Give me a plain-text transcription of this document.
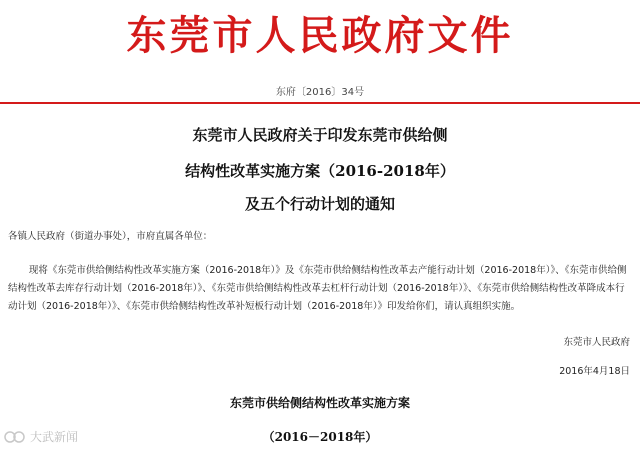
东莞市人民政府文件
东府〔2016〕34号
东莞市人民政府关于印发东莞市供给侧
结构性改革实施方案（2016-2018年）
及五个行动计划的通知
各镇人民政府（街道办事处），市府直属各单位：
现将《东莞市供给侧结构性改革实施方案（2016-2018年）》及《东莞市供给侧结构性改革去产能行动计划（2016-2018年）》、《东莞市供给侧结构性改革去库存行动计划（2016-2018年）》、《东莞市供给侧结构性改革去杠杆行动计划（2016-2018年）》、《东莞市供给侧结构性改革降成本行动计划（2016-2018年）》、《东莞市供给侧结构性改革补短板行动计划（2016-2018年）》印发给你们，请认真组织实施。
东莞市人民政府
2016年4月18日
东莞市供给侧结构性改革实施方案
（2016－2018年）
大武新闻
